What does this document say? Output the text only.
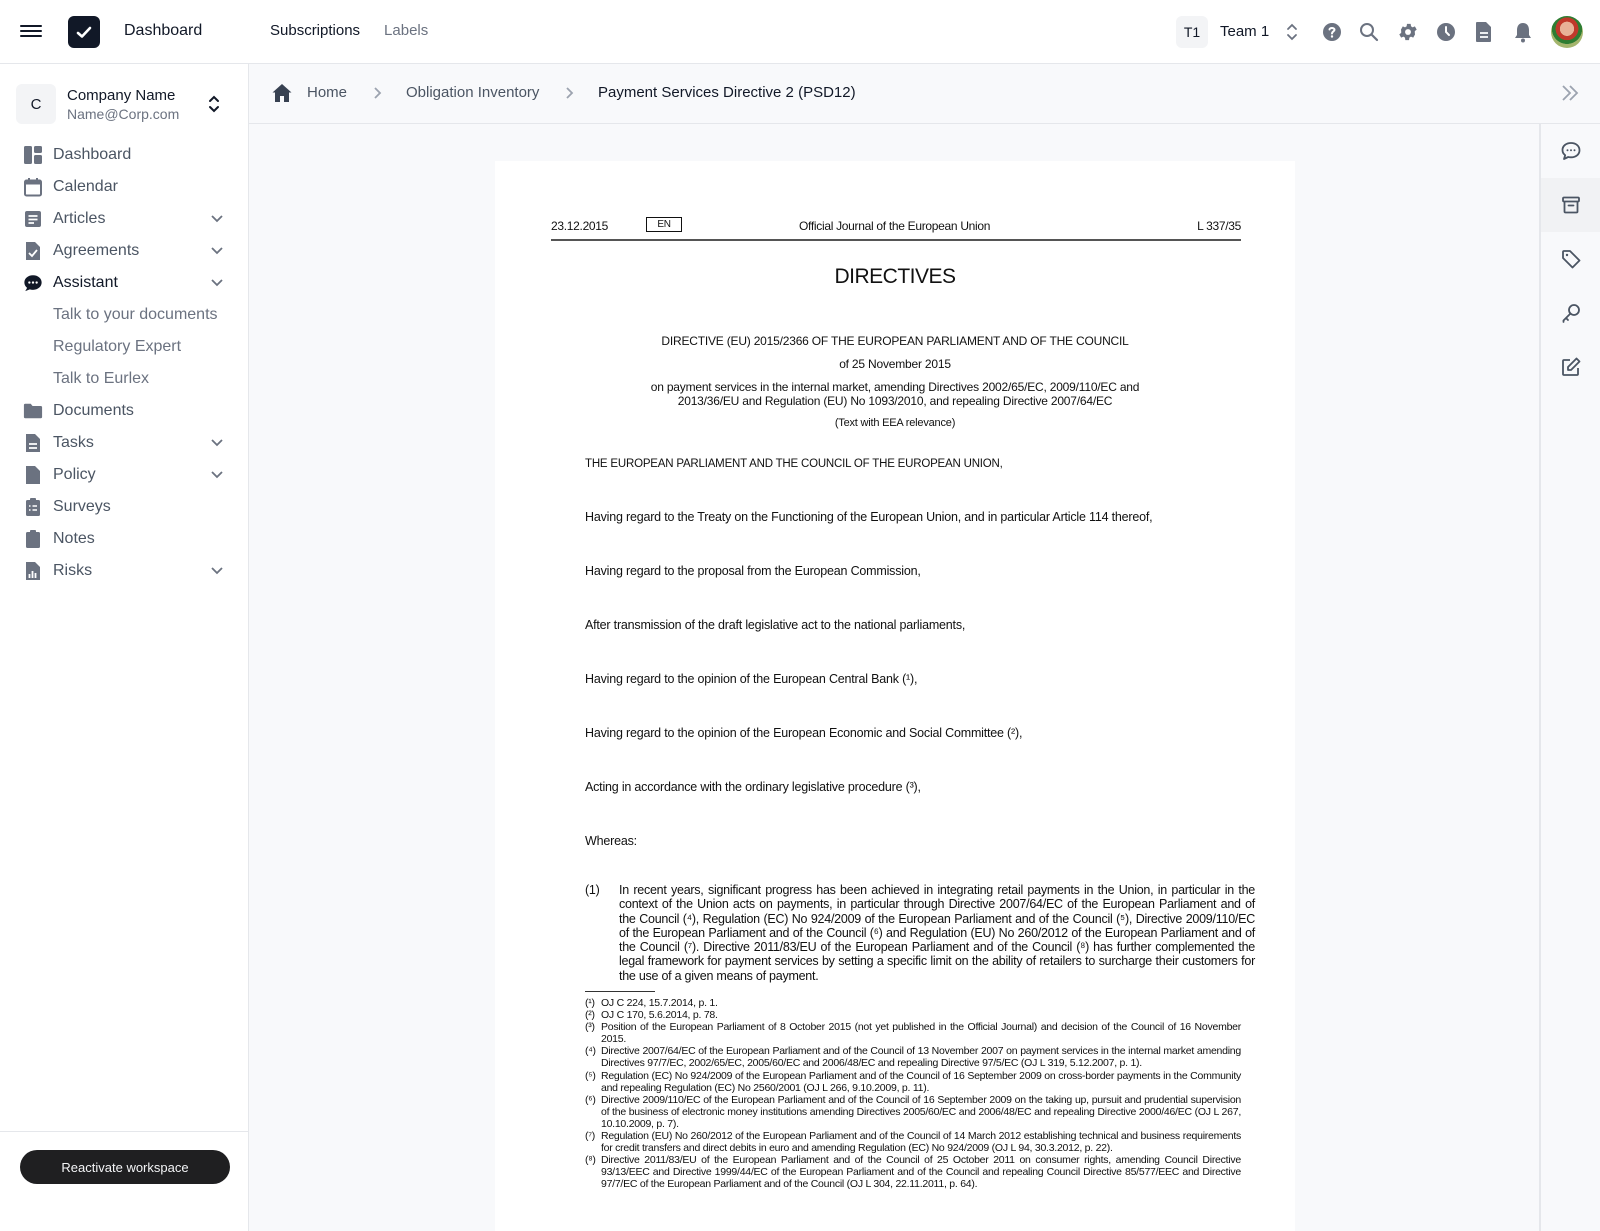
Dashboard	Subscriptions Labels	T1	Team 1
C	Company Name
Name@Corp.com
Dashboard
Calendar
Articles
Agreements
Assistant
Talk to your documents
Regulatory Expert
Talk to Eurlex
Documents
Tasks
Policy
Surveys
Notes
Risks
Reactivate workspace
Home	Obligation Inventory	Payment Services Directive 2 (PSD12)
23.12.2015	EN	Official Journal of the European Union	L 337/35
DIRECTIVES
DIRECTIVE (EU) 2015/2366 OF THE EUROPEAN PARLIAMENT AND OF THE COUNCIL
of 25 November 2015
on payment services in the internal market, amending Directives 2002/65/EC, 2009/110/EC and
2013/36/EU and Regulation (EU) No 1093/2010, and repealing Directive 2007/64/EC
(Text with EEA relevance)
THE EUROPEAN PARLIAMENT AND THE COUNCIL OF THE EUROPEAN UNION,
Having regard to the Treaty on the Functioning of the European Union, and in particular Article 114 thereof,
Having regard to the proposal from the European Commission,
After transmission of the draft legislative act to the national parliaments,
Having regard to the opinion of the European Central Bank (¹),
Having regard to the opinion of the European Economic and Social Committee (²),
Acting in accordance with the ordinary legislative procedure (³),
Whereas:
(1) In recent years, significant progress has been achieved in integrating retail payments in the Union, in particular in the context of the Union acts on payments, in particular through Directive 2007/64/EC of the European Parliament and of the Council (⁴), Regulation (EC) No 924/2009 of the European Parliament and of the Council (⁵), Directive 2009/110/EC of the European Parliament and of the Council (⁶) and Regulation (EU) No 260/2012 of the European Parliament and of the Council (⁷). Directive 2011/83/EU of the European Parliament and of the Council (⁸) has further complemented the legal framework for payment services by setting a specific limit on the ability of retailers to surcharge their customers for the use of a given means of payment.
(¹) OJ C 224, 15.7.2014, p. 1.
(²) OJ C 170, 5.6.2014, p. 78.
(³) Position of the European Parliament of 8 October 2015 (not yet published in the Official Journal) and decision of the Council of 16 November 2015.
(⁴) Directive 2007/64/EC of the European Parliament and of the Council of 13 November 2007 on payment services in the internal market amending Directives 97/7/EC, 2002/65/EC, 2005/60/EC and 2006/48/EC and repealing Directive 97/5/EC (OJ L 319, 5.12.2007, p. 1).
(⁵) Regulation (EC) No 924/2009 of the European Parliament and of the Council of 16 September 2009 on cross-border payments in the Community and repealing Regulation (EC) No 2560/2001 (OJ L 266, 9.10.2009, p. 11).
(⁶) Directive 2009/110/EC of the European Parliament and of the Council of 16 September 2009 on the taking up, pursuit and prudential supervision of the business of electronic money institutions amending Directives 2005/60/EC and 2006/48/EC and repealing Directive 2000/46/EC (OJ L 267, 10.10.2009, p. 7).
(⁷) Regulation (EU) No 260/2012 of the European Parliament and of the Council of 14 March 2012 establishing technical and business requirements for credit transfers and direct debits in euro and amending Regulation (EC) No 924/2009 (OJ L 94, 30.3.2012, p. 22).
(⁸) Directive 2011/83/EU of the European Parliament and of the Council of 25 October 2011 on consumer rights, amending Council Directive 93/13/EEC and Directive 1999/44/EC of the European Parliament and of the Council and repealing Council Directive 85/577/EEC and Directive 97/7/EC of the European Parliament and of the Council (OJ L 304, 22.11.2011, p. 64).
